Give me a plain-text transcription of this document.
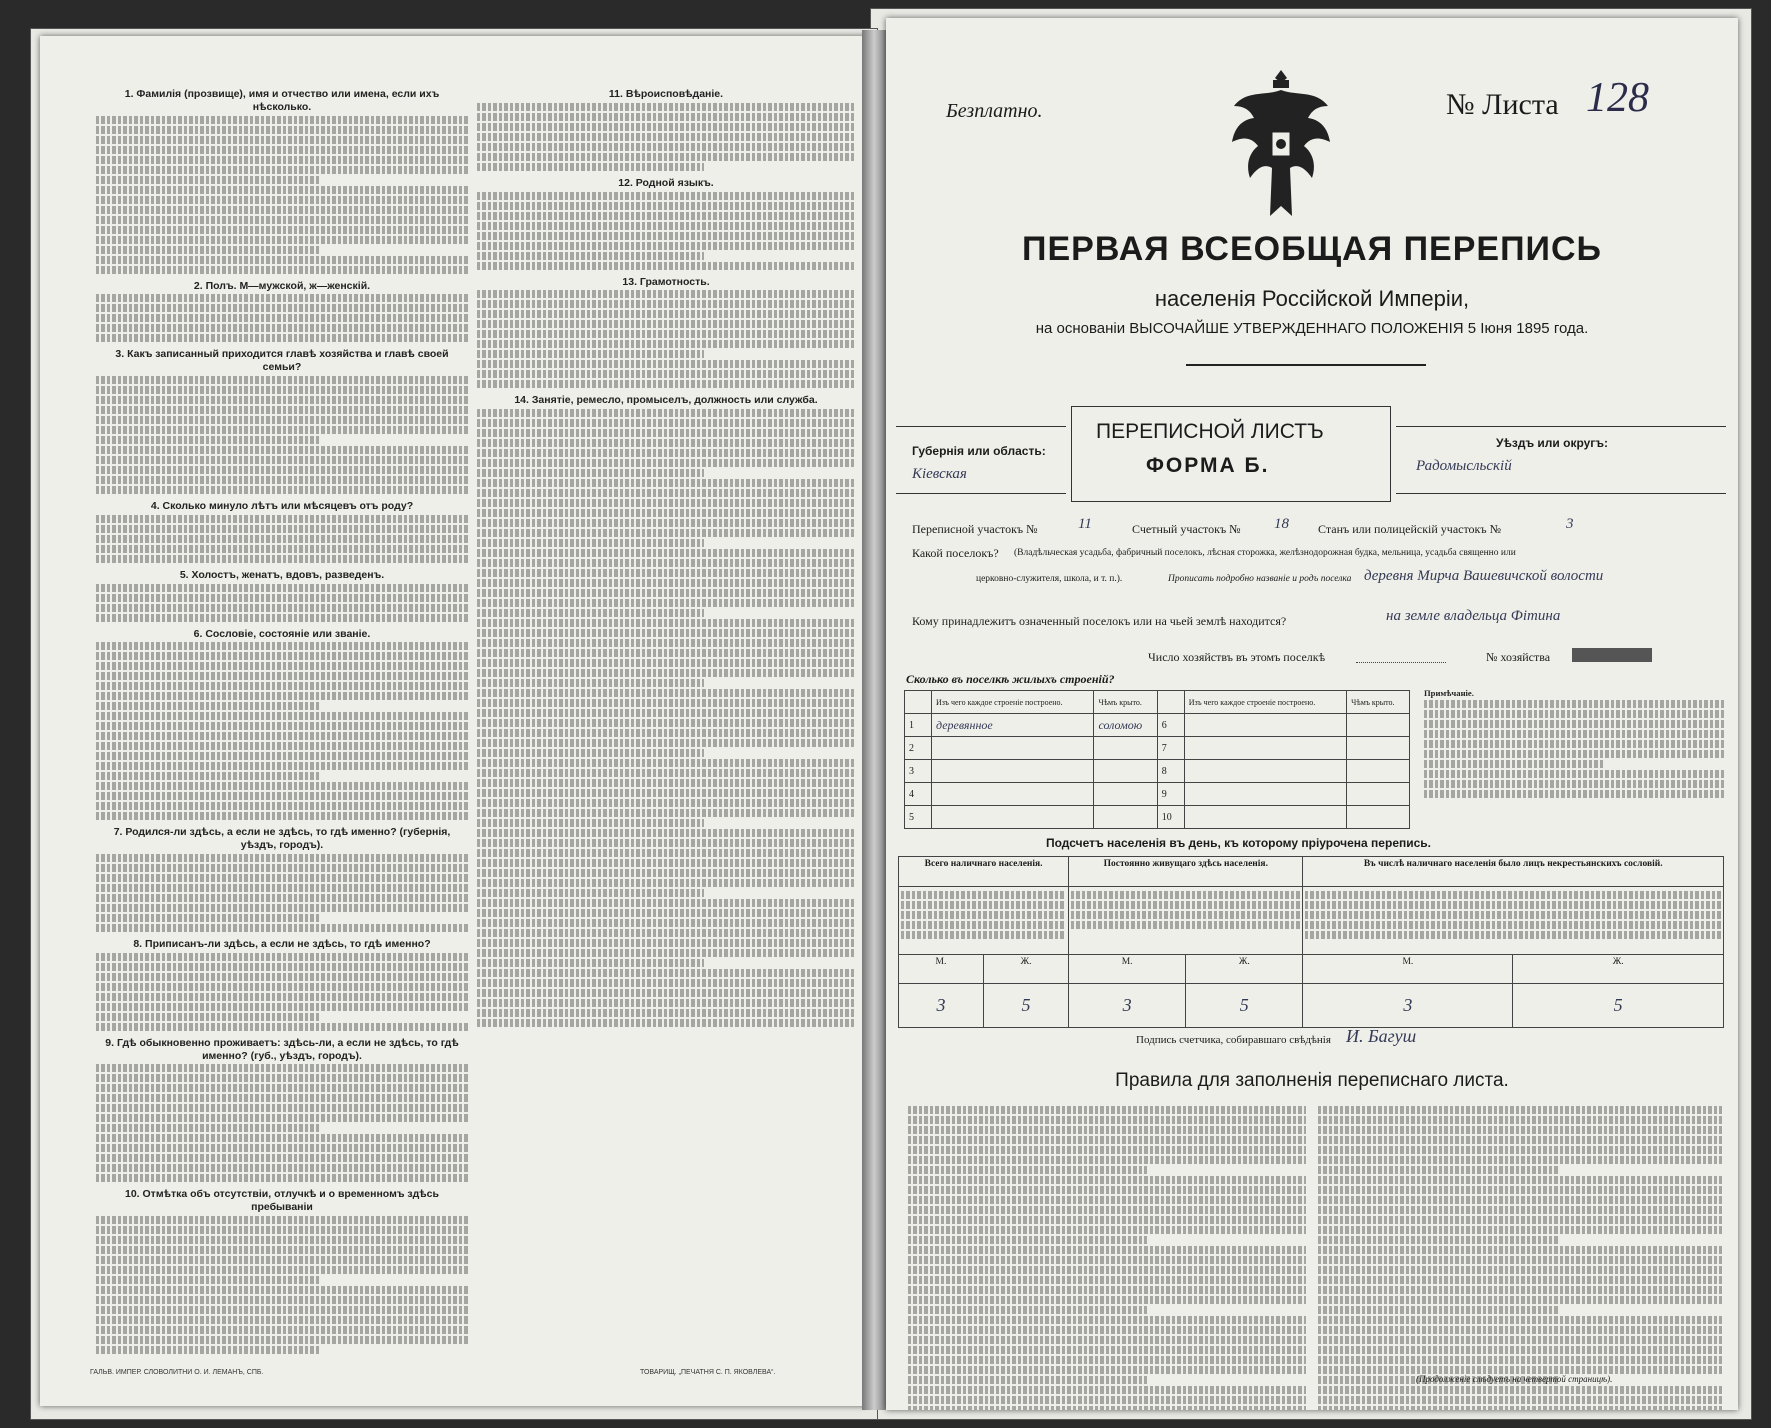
1. Фамилія (прозвище), имя и отчество или имена, если ихъ нѣсколько.
2. Полъ. М—мужской, ж—женскій.
3. Какъ записанный приходится главѣ хозяйства и главѣ своей семьи?
4. Сколько минуло лѣтъ или мѣсяцевъ отъ роду?
5. Холостъ, женатъ, вдовъ, разведенъ.
6. Сословіе, состояніе или званіе.
7. Родился-ли здѣсь, а если не здѣсь, то гдѣ именно? (губернія, уѣздъ, городъ).
8. Приписанъ-ли здѣсь, а если не здѣсь, то гдѣ именно?
9. Гдѣ обыкновенно проживаетъ: здѣсь-ли, а если не здѣсь, то гдѣ именно? (губ., уѣздъ, городъ).
10. Отмѣтка объ отсутствіи, отлучкѣ и о временномъ здѣсь пребываніи
11. Вѣроисповѣданіе.
12. Родной языкъ.
13. Грамотность.
14. Занятіе, ремесло, промыселъ, должность или служба.
ГАЛЬВ. ИМПЕР. СЛОВОЛИТНИ О. И. ЛЕМАНЪ, СПБ.	ТОВАРИЩ. „ПЕЧАТНЯ С. П. ЯКОВЛЕВА“.
Безплатно.	№ Листа 128
ПЕРВАЯ ВСЕОБЩАЯ ПЕРЕПИСЬ
населенія Россійской Имперіи,
на основаніи ВЫСОЧАЙШЕ УТВЕРЖДЕННАГО ПОЛОЖЕНІЯ 5 Іюня 1895 года.
Губернія или область:
Кіевская
ПЕРЕПИСНОЙ ЛИСТЪ
ФОРМА Б.
Уѣздъ или округъ:
Радомысльскій
Переписной участокъ №	11	Счетный участокъ № 18 Станъ или полицейскій участокъ №	3
Какой поселокъ? (Владѣльческая усадьба, фабричный поселокъ, лѣсная сторожка, желѣзнодорожная будка, мельница, усадьба священно или
церковно-служителя, школа, и т. п.).	Прописать подробно названіе и родъ поселка деревня Мирча Вашевичской волости
Кому принадлежитъ означенный поселокъ или на чьей землѣ находится?	на земле владельца Фітина
Число хозяйствъ въ этомъ поселкѣ	№ хозяйства
Сколько въ поселкѣ жилыхъ строеній?
	Изъ чего каждое строеніе построено.	Чѣмъ крыто.		Изъ чего каждое строеніе построено.	Чѣмъ крыто.
1	деревянное	соломою	6		
2			7		
3			8		
4			9		
5			10		
Примѣчаніе.
Подсчетъ населенія въ день, къ которому пріурочена перепись.
Всего наличнаго населенія.		Постоянно живущаго здѣсь населенія.		Въ числѣ наличнаго населенія было лицъ некрестьянскихъ сословій.	

М.	Ж.	М.	Ж.	М.	Ж.
3	5	3	5	3	5
Подпись счетчика, собиравшаго свѣдѣнія И. Багуш
Правила для заполненія переписнаго листа.
(Продолженіе слѣдуетъ на четвертой страницѣ).
